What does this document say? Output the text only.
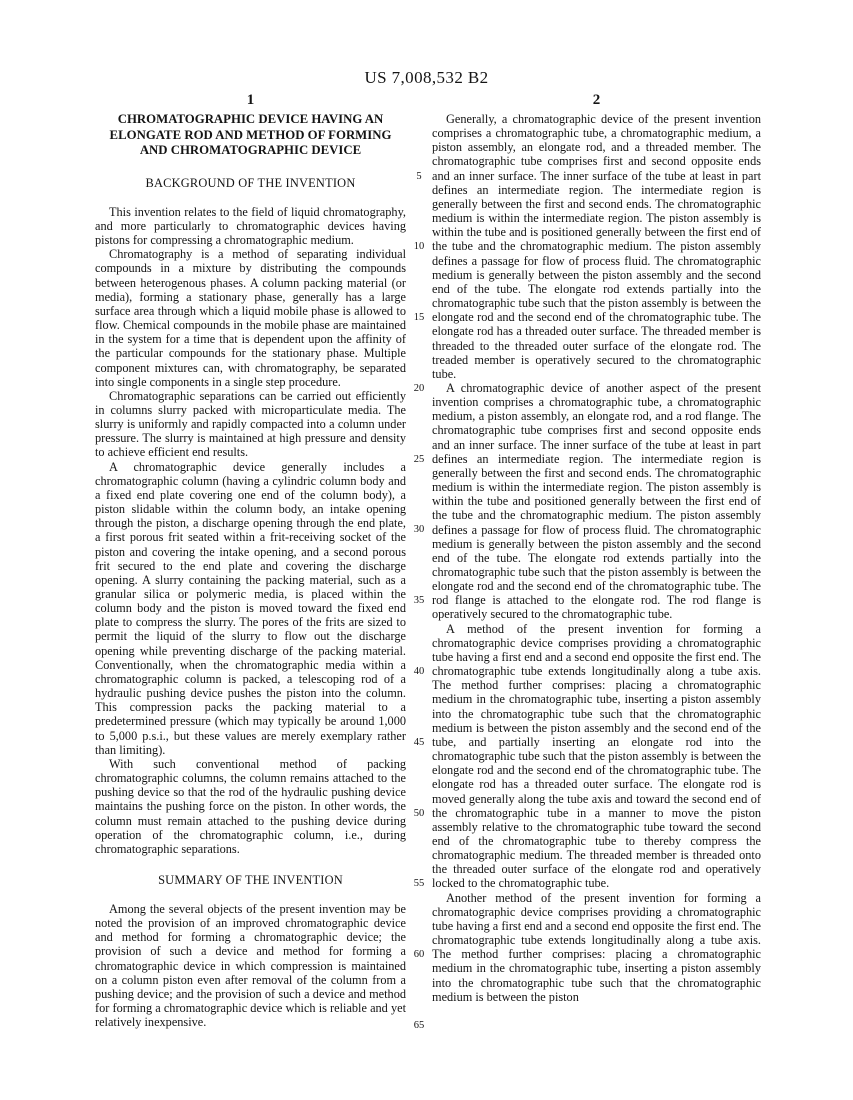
US 7,008,532 B2
1
CHROMATOGRAPHIC DEVICE HAVING AN ELONGATE ROD AND METHOD OF FORMING AND CHROMATOGRAPHIC DEVICE
BACKGROUND OF THE INVENTION

This invention relates to the field of liquid chromatography, and more particularly to chromatographic devices having pistons for compressing a chromatographic medium.

Chromatography is a method of separating individual compounds in a mixture by distributing the compounds between heterogenous phases. A column packing material (or media), forming a stationary phase, generally has a large surface area through which a liquid mobile phase is allowed to flow. Chemical compounds in the mobile phase are maintained in the system for a time that is dependent upon the affinity of the particular compounds for the stationary phase. Multiple component mixtures can, with chromatography, be separated into single components in a single step procedure.

Chromatographic separations can be carried out efficiently in columns slurry packed with microparticulate media. The slurry is uniformly and rapidly compacted into a column under pressure. The slurry is maintained at high pressure and density to achieve efficient end results.

A chromatographic device generally includes a chromatographic column (having a cylindric column body and a fixed end plate covering one end of the column body), a piston slidable within the column body, an intake opening through the piston, a discharge opening through the end plate, a first porous frit seated within a frit-receiving socket of the piston and covering the intake opening, and a second porous frit secured to the end plate and covering the discharge opening. A slurry containing the packing material, such as a granular silica or polymeric media, is placed within the column body and the piston is moved toward the fixed end plate to compress the slurry. The pores of the frits are sized to permit the liquid of the slurry to flow out the discharge opening while preventing discharge of the packing material. Conventionally, when the chromatographic media within a chromatographic column is packed, a telescoping rod of a hydraulic pushing device pushes the piston into the column. This compression packs the packing material to a predetermined pressure (which may typically be around 1,000 to 5,000 p.s.i., but these values are merely exemplary rather than limiting).

With such conventional method of packing chromatographic columns, the column remains attached to the pushing device so that the rod of the hydraulic pushing device maintains the pushing force on the piston. In other words, the column must remain attached to the pushing device during operation of the chromatographic column, i.e., during chromatographic separations.

SUMMARY OF THE INVENTION

Among the several objects of the present invention may be noted the provision of an improved chromatographic device and method for forming a chromatographic device; the provision of such a device and method for forming a chromatographic device in which compression is maintained on a column piston even after removal of the column from a pushing device; and the provision of such a device and method for forming a chromatographic device which is reliable and yet relatively inexpensive.

5
10
15
20
25
30
35
40
45
50
55
60
65
2

Generally, a chromatographic device of the present invention comprises a chromatographic tube, a chromatographic medium, a piston assembly, an elongate rod, and a threaded member. The chromatographic tube comprises first and second opposite ends and an inner surface. The inner surface of the tube at least in part defines an intermediate region. The intermediate region is generally between the first and second ends. The chromatographic medium is within the intermediate region. The piston assembly is within the tube and is positioned generally between the first end of the tube and the chromatographic medium. The piston assembly defines a passage for flow of process fluid. The chromatographic medium is generally between the piston assembly and the second end of the tube. The elongate rod extends partially into the chromatographic tube such that the piston assembly is between the elongate rod and the second end of the chromatographic tube. The elongate rod has a threaded outer surface. The threaded member is threaded to the threaded outer surface of the elongate rod. The treaded member is operatively secured to the chromatographic tube.

A chromatographic device of another aspect of the present invention comprises a chromatographic tube, a chromatographic medium, a piston assembly, an elongate rod, and a rod flange. The chromatographic tube comprises first and second opposite ends and an inner surface. The inner surface of the tube at least in part defines an intermediate region. The intermediate region is generally between the first and second ends. The chromatographic medium is within the intermediate region. The piston assembly is within the tube and positioned generally between the first end of the tube and the chromatographic medium. The piston assembly defines a passage for flow of process fluid. The chromatographic medium is generally between the piston assembly and the second end of the tube. The elongate rod extends partially into the chromatographic tube such that the piston assembly is between the elongate rod and the second end of the chromatographic tube. The rod flange is attached to the elongate rod. The rod flange is operatively secured to the chromatographic tube.

A method of the present invention for forming a chromatographic device comprises providing a chromatographic tube having a first end and a second end opposite the first end. The chromatographic tube extends longitudinally along a tube axis. The method further comprises: placing a chromatographic medium in the chromatographic tube, inserting a piston assembly into the chromatographic tube such that the chromatographic medium is between the piston assembly and the second end of the tube, and partially inserting an elongate rod into the chromatographic tube such that the piston assembly is between the elongate rod and the second end of the chromatographic tube. The elongate rod has a threaded outer surface. The elongate rod is moved generally along the tube axis and toward the second end of the chromatographic tube in a manner to move the piston assembly relative to the chromatographic tube toward the second end of the chromatographic tube to thereby compress the chromatographic medium. The threaded member is threaded onto the threaded outer surface of the elongate rod and operatively locked to the chromatographic tube.

Another method of the present invention for forming a chromatographic device comprises providing a chromatographic tube having a first end and a second end opposite the first end. The chromatographic tube extends longitudinally along a tube axis. The method further comprises: placing a chromatographic medium in the chromatographic tube, inserting a piston assembly into the chromatographic tube such that the chromatographic medium is between the piston
